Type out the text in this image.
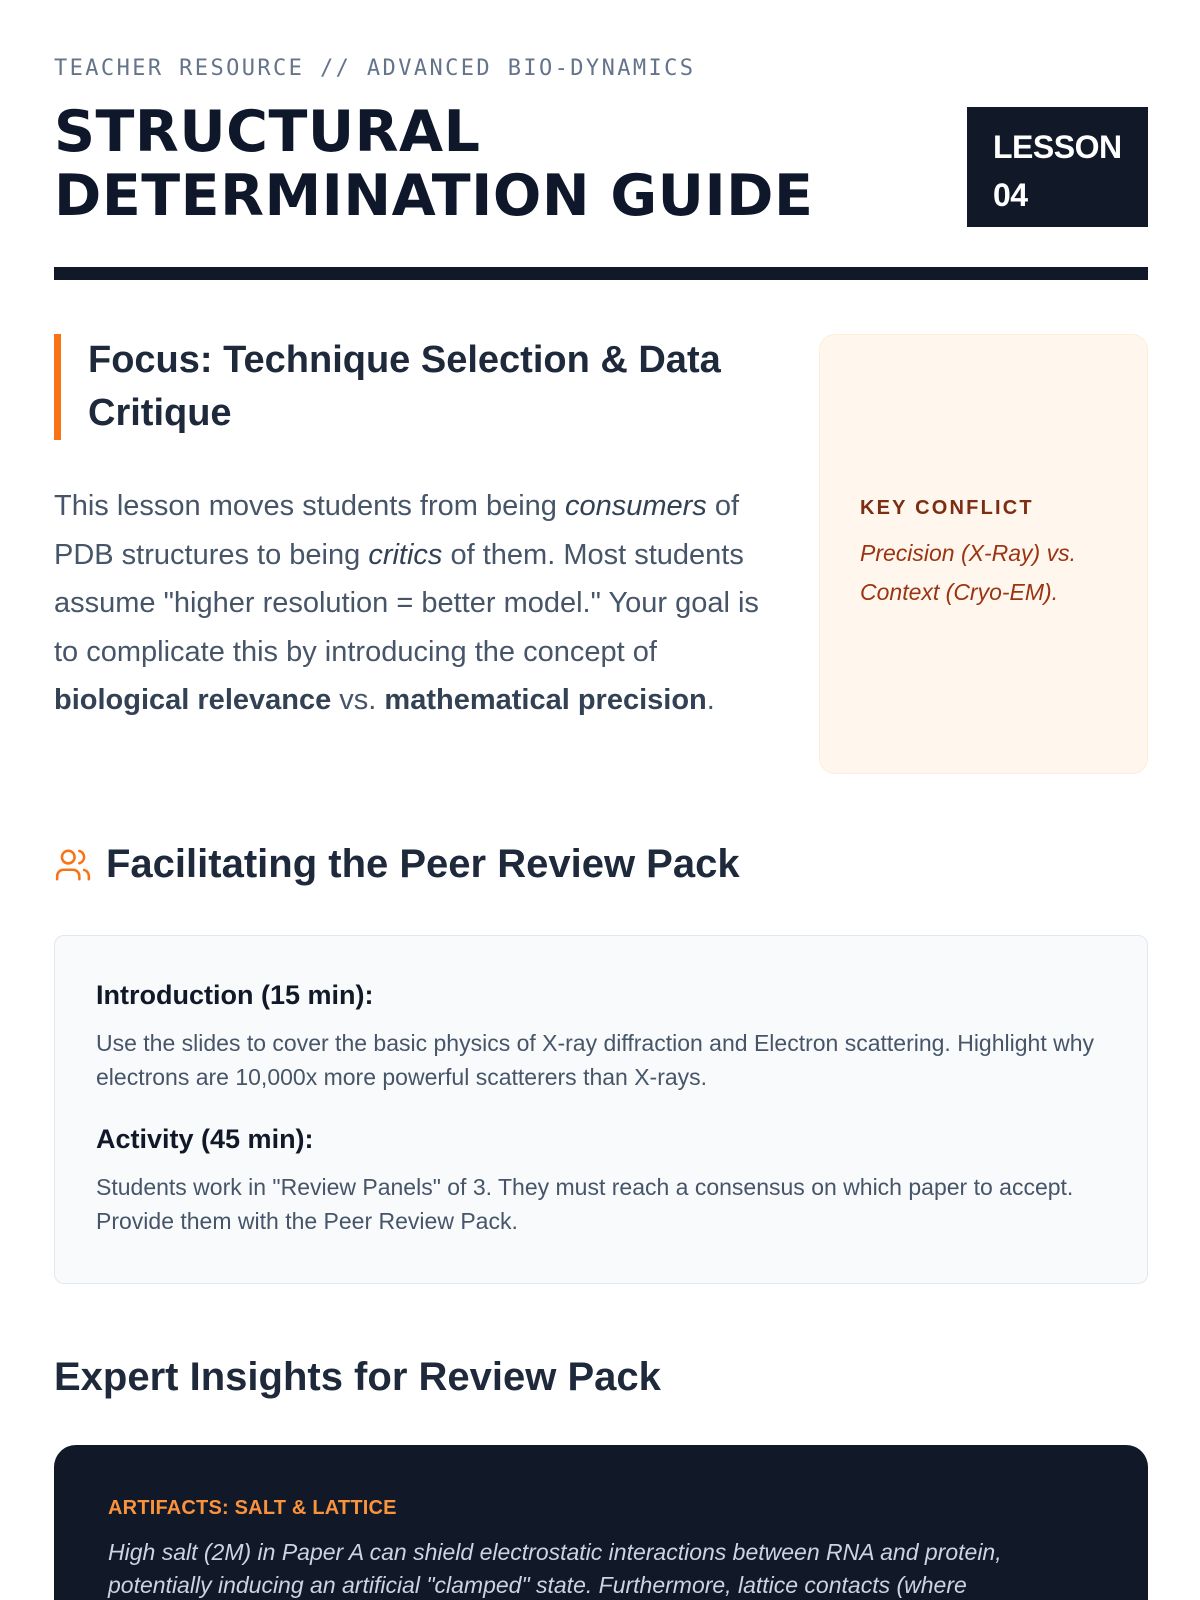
TEACHER RESOURCE // ADVANCED BIO-DYNAMICS
STRUCTURAL
DETERMINATION GUIDE
LESSON
04
Focus: Technique Selection & Data Critique

This lesson moves students from being consumers of PDB structures to being critics of them. Most students assume "higher resolution = better model." Your goal is to complicate this by introducing the concept of biological relevance vs. mathematical precision.

KEY CONFLICT
Precision (X-Ray) vs. Context (Cryo-EM).
Facilitating the Peer Review Pack
Introduction (15 min):
Use the slides to cover the basic physics of X-ray diffraction and Electron scattering. Highlight why electrons are 10,000x more powerful scatterers than X-rays.
Activity (45 min):
Students work in "Review Panels" of 3. They must reach a consensus on which paper to accept. Provide them with the Peer Review Pack.
Expert Insights for Review Pack
ARTIFACTS: SALT & LATTICE
High salt (2M) in Paper A can shield electrostatic interactions between RNA and protein, potentially inducing an artificial "clamped" state. Furthermore, lattice contacts (where
